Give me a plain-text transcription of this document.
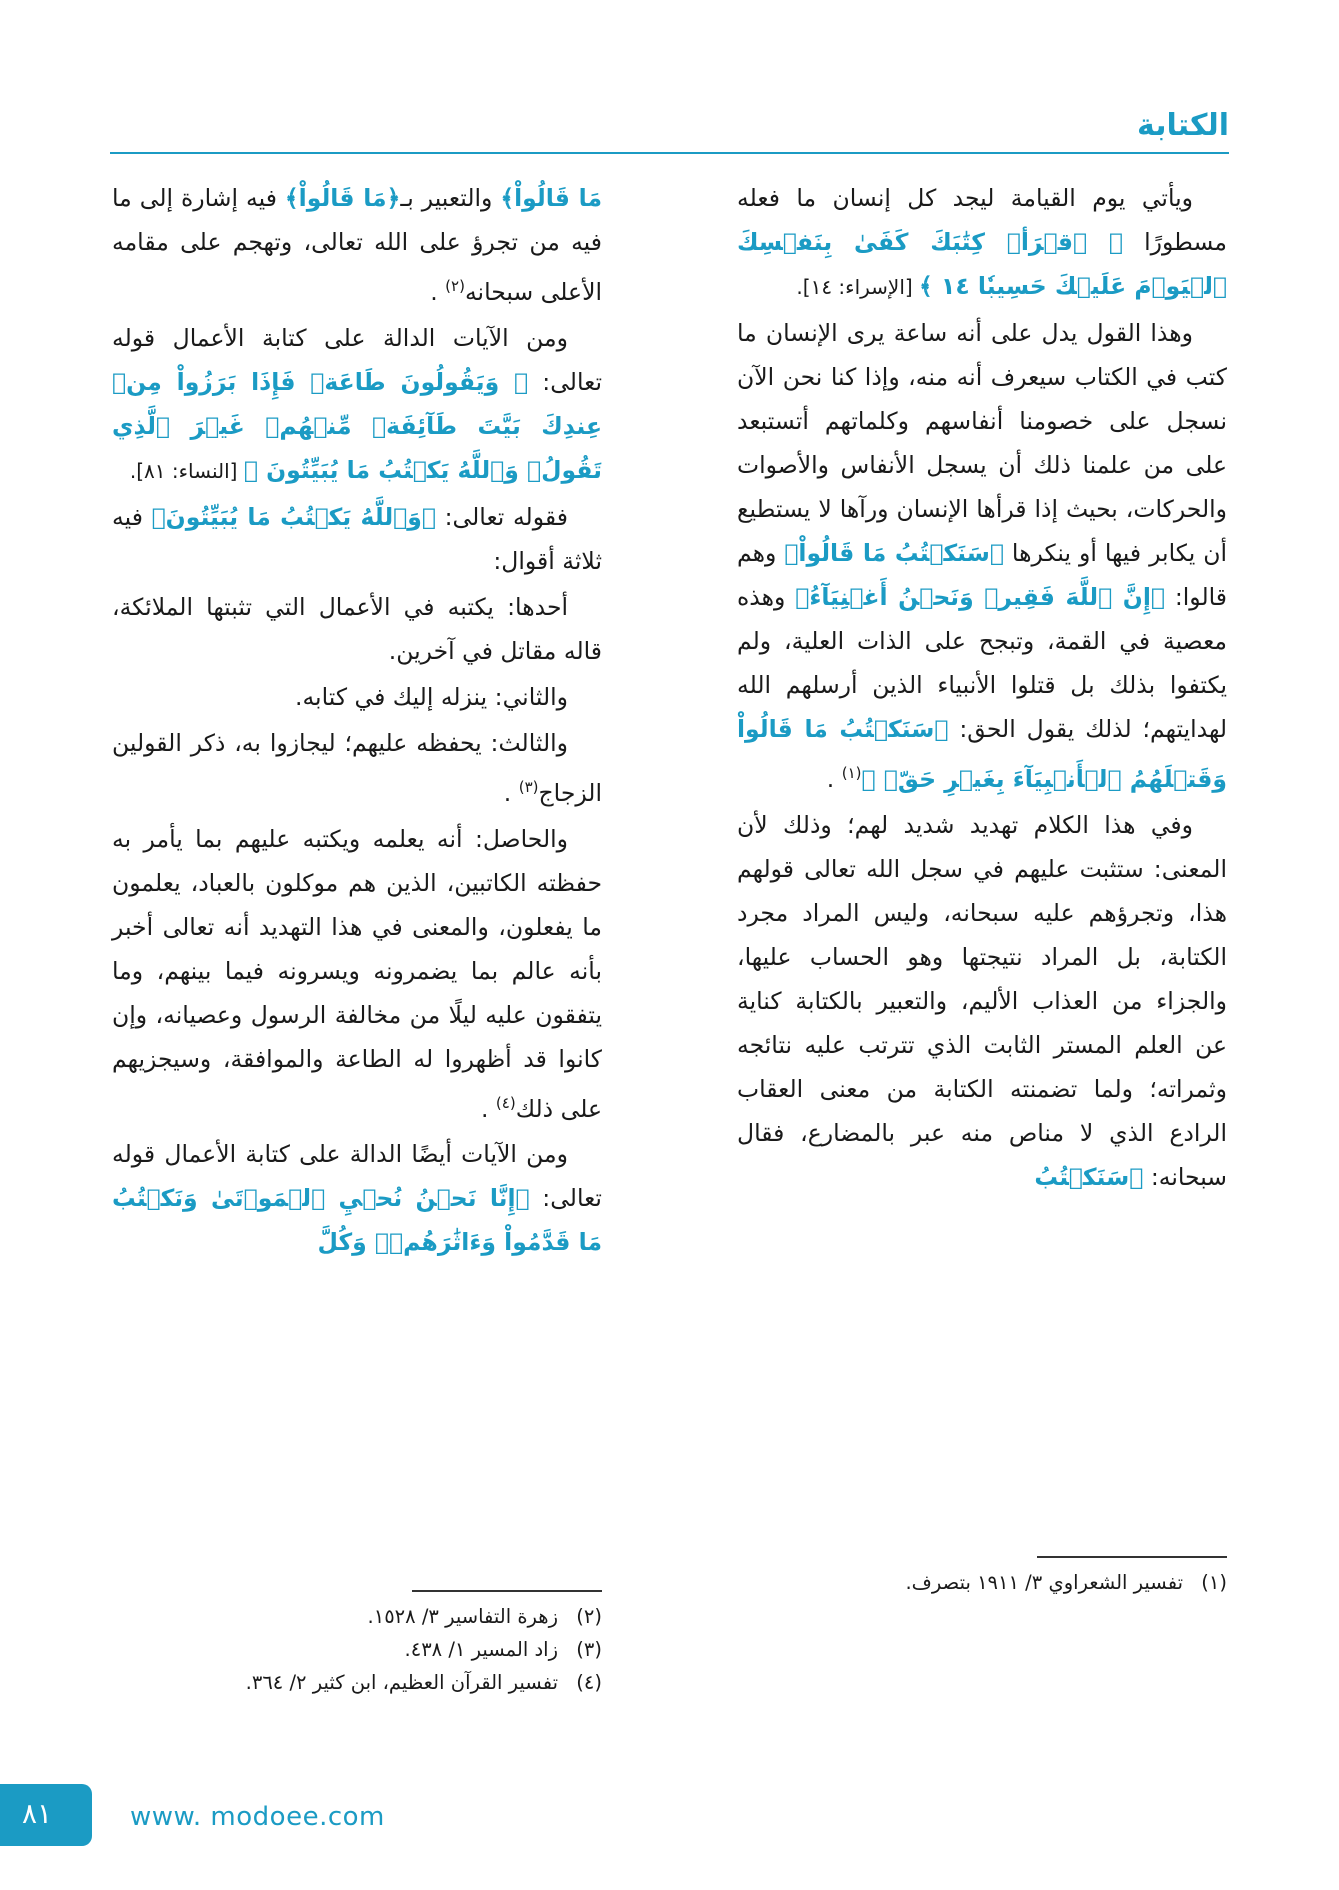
الكتابة

ويأتي يوم القيامة ليجد كل إنسان ما فعله مسطورًا ﴿ ٱقۡرَأۡ كِتَٰبَكَ كَفَىٰ بِنَفۡسِكَ ٱلۡيَوۡمَ عَلَيۡكَ حَسِيبٗا ١٤ ﴾ [الإسراء: ١٤].

وهذا القول يدل على أنه ساعة يرى الإنسان ما كتب في الكتاب سيعرف أنه منه، وإذا كنا نحن الآن نسجل على خصومنا أنفاسهم وكلماتهم أتستبعد على من علمنا ذلك أن يسجل الأنفاس والأصوات والحركات، بحيث إذا قرأها الإنسان ورآها لا يستطيع أن يكابر فيها أو ينكرها ﴿سَنَكۡتُبُ مَا قَالُواْ﴾ وهم قالوا: ﴿إِنَّ ٱللَّهَ فَقِيرٞ وَنَحۡنُ أَغۡنِيَآءُ﴾ وهذه معصية في القمة، وتبجح على الذات العلية، ولم يكتفوا بذلك بل قتلوا الأنبياء الذين أرسلهم الله لهدايتهم؛ لذلك يقول الحق: ﴿سَنَكۡتُبُ مَا قَالُواْ وَقَتۡلَهُمُ ٱلۡأَنۢبِيَآءَ بِغَيۡرِ حَقّٖ ﴾$^{(١)}$ .

وفي هذا الكلام تهديد شديد لهم؛ وذلك لأن المعنى: ستثبت عليهم في سجل الله تعالى قولهم هذا، وتجرؤهم عليه سبحانه، وليس المراد مجرد الكتابة، بل المراد نتيجتها وهو الحساب عليها، والجزاء من العذاب الأليم، والتعبير بالكتابة كناية عن العلم المستر الثابت الذي تترتب عليه نتائجه وثمراته؛ ولما تضمنته الكتابة من معنى العقاب الرادع الذي لا مناص منه عبر بالمضارع، فقال سبحانه: ﴿سَنَكۡتُبُ

مَا قَالُواْ﴾ والتعبير بـ﴿مَا قَالُواْ﴾ فيه إشارة إلى ما فيه من تجرؤ على الله تعالى، وتهجم على مقامه الأعلى سبحانه$^{(٢)}$ .

ومن الآيات الدالة على كتابة الأعمال قوله تعالى: ﴿ وَيَقُولُونَ طَاعَةٞ فَإِذَا بَرَزُواْ مِنۡ عِندِكَ بَيَّتَ طَآئِفَةٞ مِّنۡهُمۡ غَيۡرَ ٱلَّذِي تَقُولُۖ وَٱللَّهُ يَكۡتُبُ مَا يُبَيِّتُونَ ﴾ [النساء: ٨١].

فقوله تعالى: ﴿وَٱللَّهُ يَكۡتُبُ مَا يُبَيِّتُونَ﴾ فيه ثلاثة أقوال:

أحدها: يكتبه في الأعمال التي تثبتها الملائكة، قاله مقاتل في آخرين.

والثاني: ينزله إليك في كتابه.

والثالث: يحفظه عليهم؛ ليجازوا به، ذكر القولين الزجاج$^{(٣)}$ .

والحاصل: أنه يعلمه ويكتبه عليهم بما يأمر به حفظته الكاتبين، الذين هم موكلون بالعباد، يعلمون ما يفعلون، والمعنى في هذا التهديد أنه تعالى أخبر بأنه عالم بما يضمرونه ويسرونه فيما بينهم، وما يتفقون عليه ليلًا من مخالفة الرسول وعصيانه، وإن كانوا قد أظهروا له الطاعة والموافقة، وسيجزيهم على ذلك$^{(٤)}$ .

ومن الآيات أيضًا الدالة على كتابة الأعمال قوله تعالى: ﴿إِنَّا نَحۡنُ نُحۡيِ ٱلۡمَوۡتَىٰ وَنَكۡتُبُ مَا قَدَّمُواْ وَءَاثَٰرَهُمۡۚ وَكُلَّ

(١)
تفسير الشعراوي ٣/ ١٩١١ بتصرف.
(٢)
زهرة التفاسير ٣/ ١٥٢٨.
(٣)
زاد المسير ١/ ٤٣٨.
(٤)
تفسير القرآن العظيم، ابن كثير ٢/ ٣٦٤.
٨١	www. modoee.com
